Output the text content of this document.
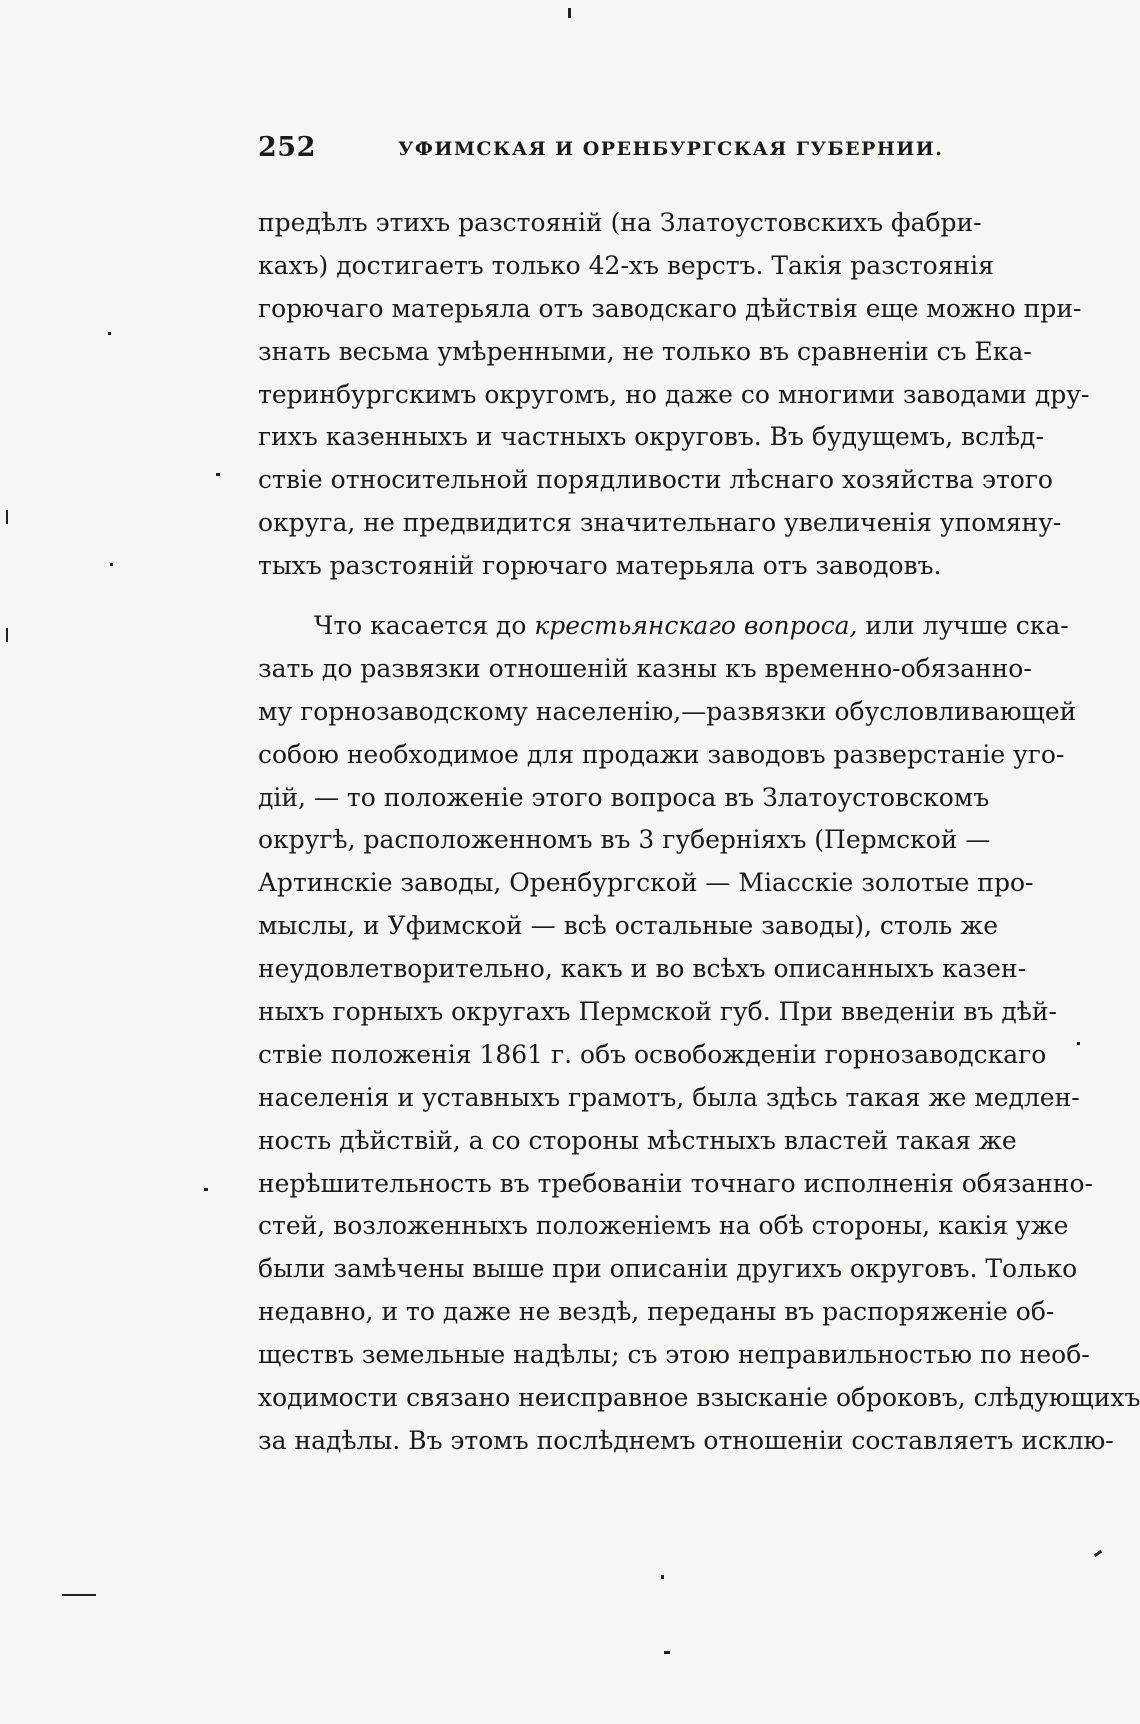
252	УФИМСКАЯ И ОРЕНБУРГСКАЯ ГУБЕРНИИ.
предѣлъ этихъ разстояній (на Златоустовскихъ фабри-
кахъ) достигаетъ только 42-хъ верстъ. Такія разстоянія
горючаго матерьяла отъ заводскаго дѣйствія еще можно при-
знать весьма умѣренными, не только въ сравненіи съ Ека-
теринбургскимъ округомъ, но даже со многими заводами дру-
гихъ казенныхъ и частныхъ округовъ. Въ будущемъ, вслѣд-
ствіе относительной порядливости лѣснаго хозяйства этого
округа, не предвидится значительнаго увеличенія упомяну-
тыхъ разстояній горючаго матерьяла отъ заводовъ.
Что касается до крестьянскаго вопроса, или лучше ска-
зать до развязки отношеній казны къ временно-обязанно-
му горнозаводскому населенію,—развязки обусловливающей
собою необходимое для продажи заводовъ разверстаніе уго-
дій, — то положеніе этого вопроса въ Златоустовскомъ
округѣ, расположенномъ въ 3 губерніяхъ (Пермской —
Артинскіе заводы, Оренбургской — Міасскіе золотые про-
мыслы, и Уфимской — всѣ остальные заводы), столь же
неудовлетворительно, какъ и во всѣхъ описанныхъ казен-
ныхъ горныхъ округахъ Пермской губ. При введеніи въ дѣй-
ствіе положенія 1861 г. объ освобожденіи горнозаводскаго
населенія и уставныхъ грамотъ, была здѣсь такая же медлен-
ность дѣйствій, а со стороны мѣстныхъ властей такая же
нерѣшительность въ требованіи точнаго исполненія обязанно-
стей, возложенныхъ положеніемъ на обѣ стороны, какія уже
были замѣчены выше при описаніи другихъ округовъ. Только
недавно, и то даже не вездѣ, переданы въ распоряженіе об-
ществъ земельные надѣлы; съ этою неправильностью по необ-
ходимости связано неисправное взысканіе оброковъ, слѣдующихъ
за надѣлы. Въ этомъ послѣднемъ отношеніи составляетъ исклю-
